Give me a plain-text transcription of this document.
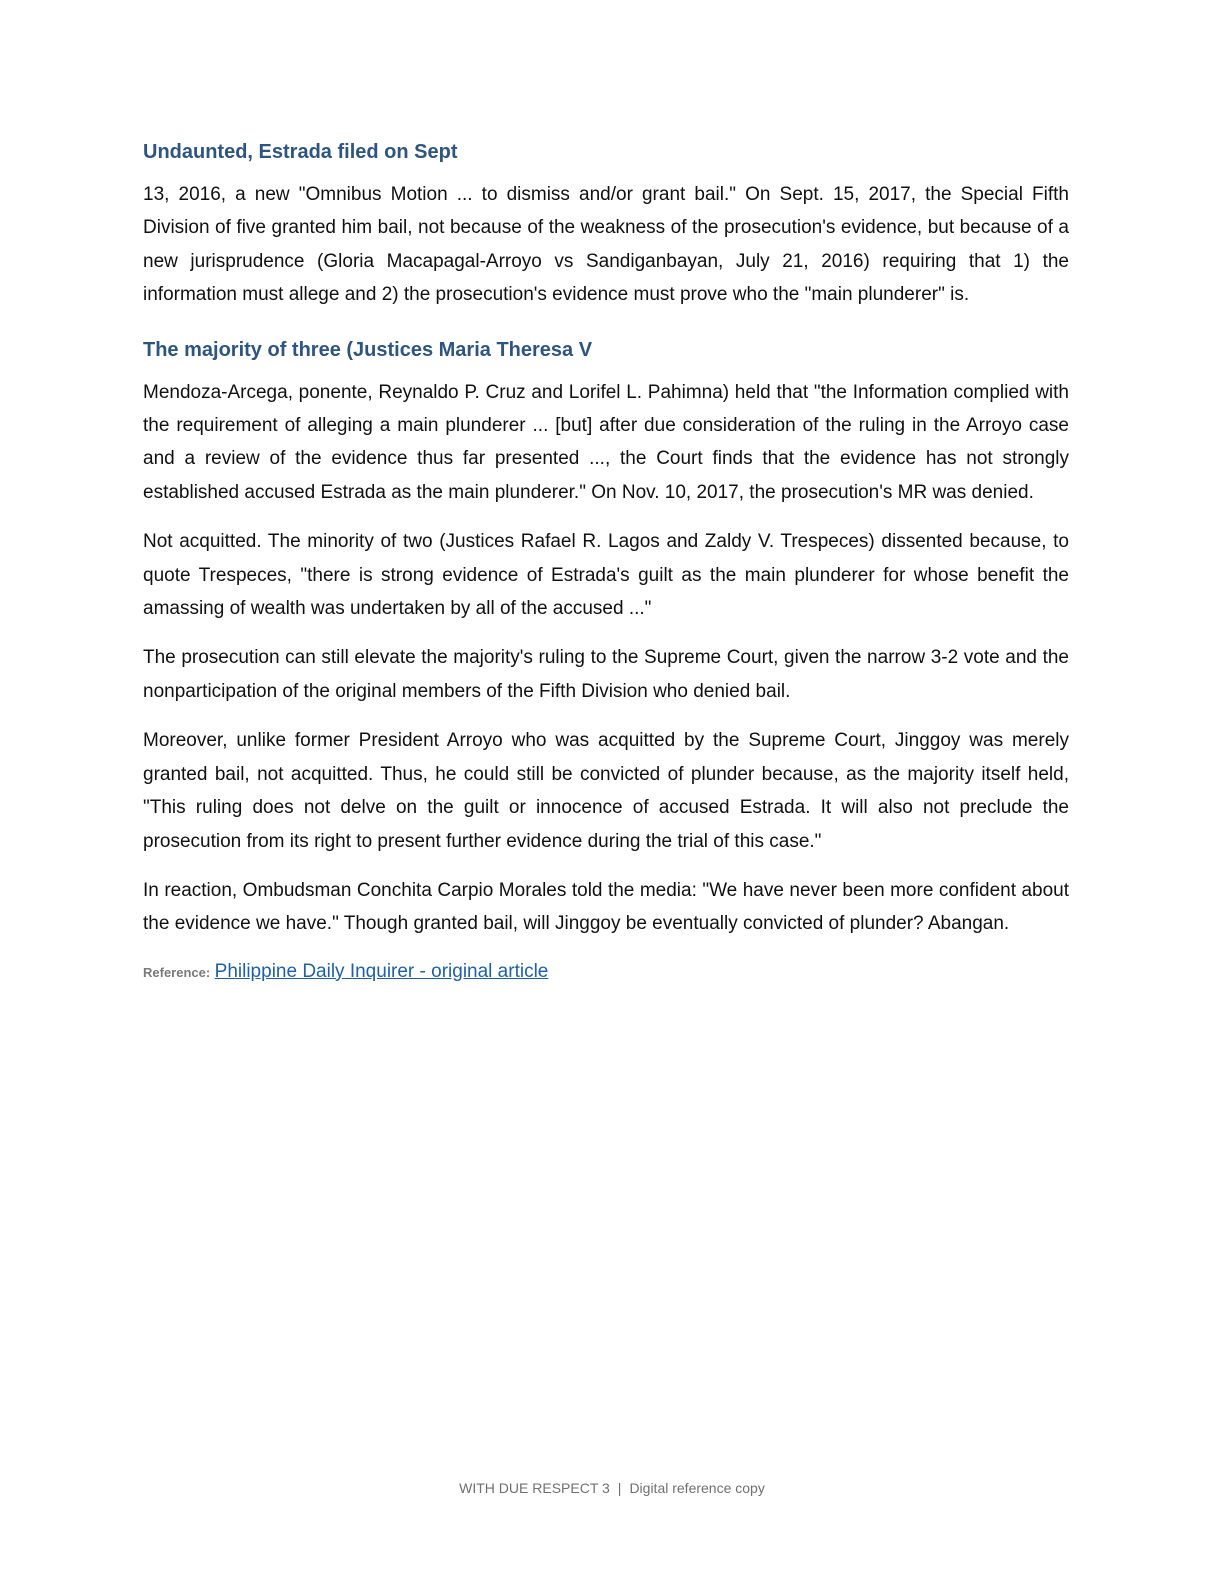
Undaunted, Estrada filed on Sept

13, 2016, a new "Omnibus Motion ... to dismiss and/or grant bail." On Sept. 15, 2017, the Special Fifth Division of five granted him bail, not because of the weakness of the prosecution's evidence, but because of a new jurisprudence (Gloria Macapagal-Arroyo vs Sandiganbayan, July 21, 2016) requiring that 1) the information must allege and 2) the prosecution's evidence must prove who the "main plunderer" is.

The majority of three (Justices Maria Theresa V

Mendoza-Arcega, ponente, Reynaldo P. Cruz and Lorifel L. Pahimna) held that "the Information complied with the requirement of alleging a main plunderer ... [but] after due consideration of the ruling in the Arroyo case and a review of the evidence thus far presented ..., the Court finds that the evidence has not strongly established accused Estrada as the main plunderer." On Nov. 10, 2017, the prosecution's MR was denied.

Not acquitted. The minority of two (Justices Rafael R. Lagos and Zaldy V. Trespeces) dissented because, to quote Trespeces, "there is strong evidence of Estrada's guilt as the main plunderer for whose benefit the amassing of wealth was undertaken by all of the accused ..."

The prosecution can still elevate the majority's ruling to the Supreme Court, given the narrow 3-2 vote and the nonparticipation of the original members of the Fifth Division who denied bail.

Moreover, unlike former President Arroyo who was acquitted by the Supreme Court, Jinggoy was merely granted bail, not acquitted. Thus, he could still be convicted of plunder because, as the majority itself held, "This ruling does not delve on the guilt or innocence of accused Estrada. It will also not preclude the prosecution from its right to present further evidence during the trial of this case."

In reaction, Ombudsman Conchita Carpio Morales told the media: "We have never been more confident about the evidence we have." Though granted bail, will Jinggoy be eventually convicted of plunder? Abangan.

Reference: Philippine Daily Inquirer - original article
WITH DUE RESPECT 3 | Digital reference copy
